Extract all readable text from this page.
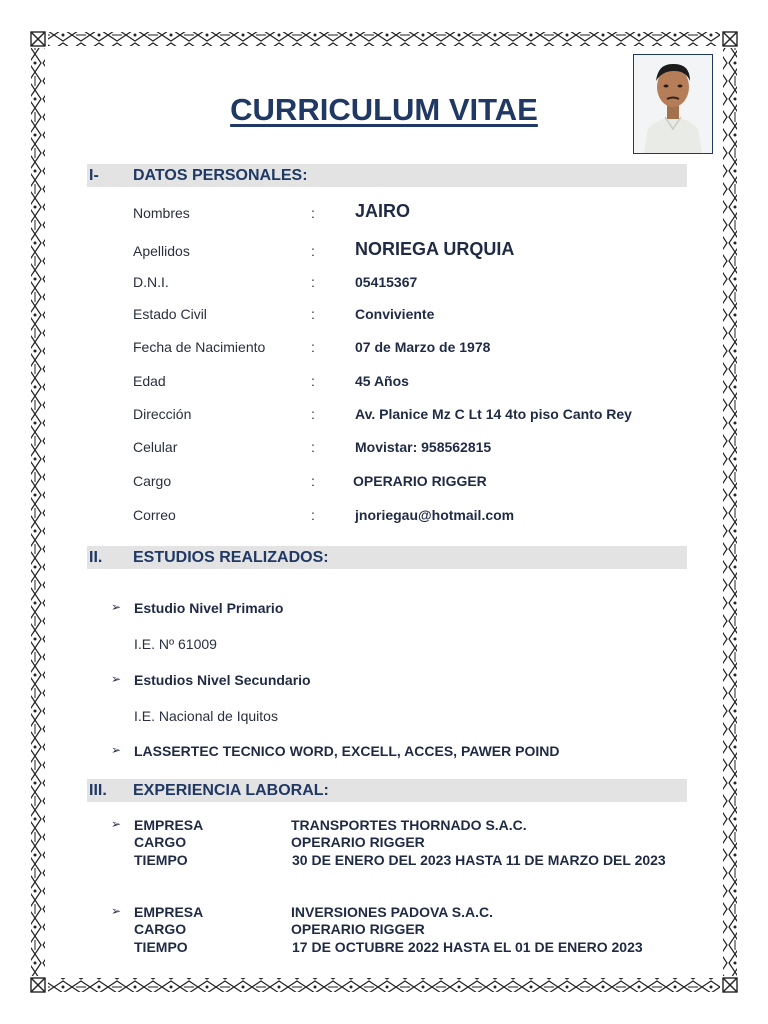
CURRICULUM VITAE
I- DATOS PERSONALES:
Nombres	: JAIRO
Apellidos	: NORIEGA URQUIA
D.N.I.	:	05415367
Estado Civil	:	Conviviente
Fecha de Nacimiento	:	07 de Marzo de 1978
Edad	:	45 Años
Dirección	:	Av. Planice Mz C Lt 14 4to piso Canto Rey
Celular	:	Movistar: 958562815
Cargo	:	OPERARIO RIGGER
Correo	:	jnoriegau@hotmail.com
II. ESTUDIOS REALIZADOS:
➢ Estudio Nivel Primario
I.E. Nº 61009
➢ Estudios Nivel Secundario
I.E. Nacional de Iquitos
➢ LASSERTEC TECNICO WORD, EXCELL, ACCES, PAWER POIND
III. EXPERIENCIA LABORAL:
➢ EMPRESA	TRANSPORTES THORNADO S.A.C.
CARGO	OPERARIO RIGGER
TIEMPO	30 DE ENERO DEL 2023 HASTA 11 DE MARZO DEL 2023
➢ EMPRESA	INVERSIONES PADOVA S.A.C.
CARGO	OPERARIO RIGGER
TIEMPO	17 DE OCTUBRE 2022 HASTA EL 01 DE ENERO 2023
